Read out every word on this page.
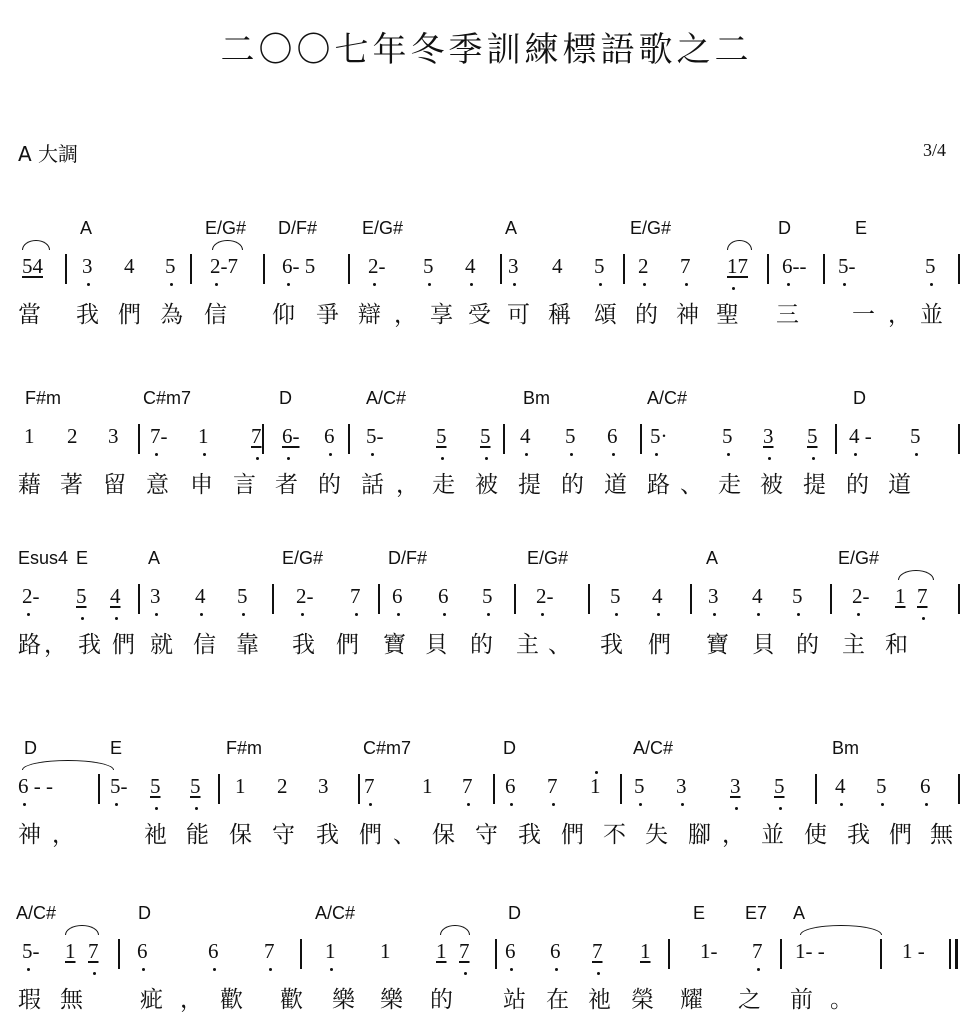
二〇〇七年冬季訓練標語歌之二
A 大調	3/4
A	E/G# D/F# E/G#	A	E/G#	D	E
54 3 4 5 2-7 6- 5	2- 5 4 3 4 5 2 7 17 6-- 5-	5
當 我 們 為 信 仰 爭 辯 ， 享 受 可 稱 頌 的 神 聖 三 一 ， 並
F#m	C#m7	D	A/C#	Bm	A/C#	D
1 2 3 7- 1 7 6- 6 5-	5 5 4 5 6 5·	5 3 5 4 - 5
藉 著 留 意 申 言 者 的 話 ， 走 被 提 的 道 路 、 走 被 提 的 道
Esus4 E	A	E/G#	D/F#	E/G#	A	E/G#
2- 5 4 3 4 5 2- 7 6 6 5 2-	5 4 3 4 5 2- 1 7
路 ， 我 們 就 信 靠 我 們 寶 貝 的 主 、 我 們 寶 貝 的 主 和
D	E	F#m	C#m7	D	A/C#	Bm
6 - -	5- 5 5 1 2 3 7 1 7 6 7 1 5 3 3 5 4 5 6
神 ，	祂 能 保 守 我 們 、 保 守 我 們 不 失 腳 ， 並 使 我 們 無
A/C#	D	A/C#	D	E E7 A
5- 1 7 6	6 7 1 1 1 7 6 6 7 1 1- 7 1- -	1 -
瑕 無 疵 ， 歡 歡 樂 樂 的 站 在 祂 榮 耀 之 前 。
